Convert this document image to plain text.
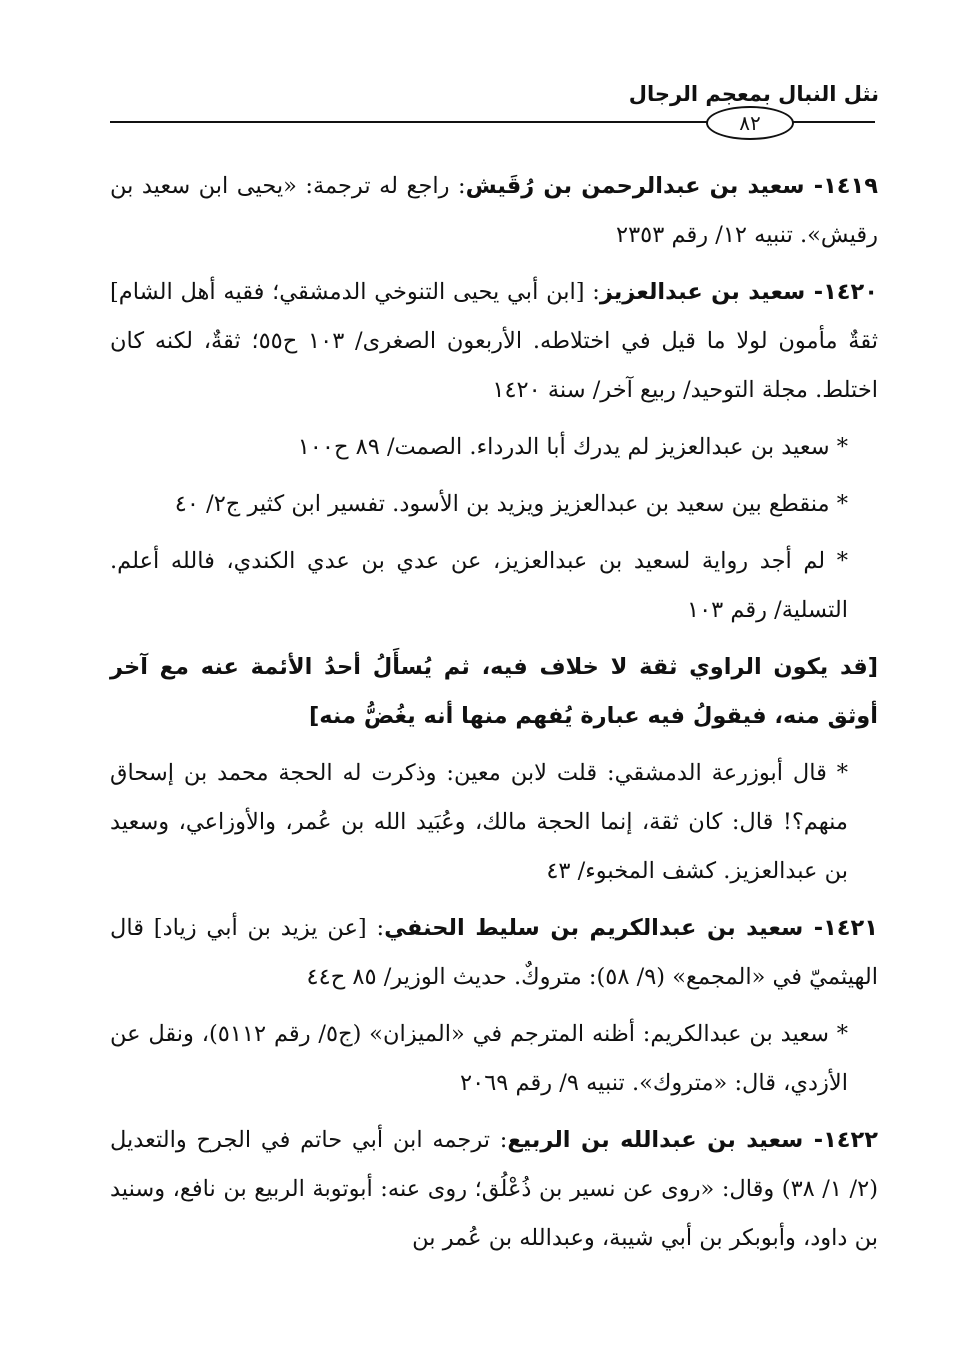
نثل النبال بمعجم الرجال
٨٢

١٤١٩- سعيد بن عبدالرحمن بن رُقَيش: راجع له ترجمة: «يحيى ابن سعيد بن رقيش». تنبيه ١٢/ رقم ٢٣٥٣

١٤٢٠- سعيد بن عبدالعزيز: [ابن أبي يحيى التنوخي الدمشقي؛ فقيه أهل الشام] ثقةٌ مأمون لولا ما قيل في اختلاطه. الأربعون الصغرى/ ١٠٣ ح٥٥؛ ثقةٌ، لكنه كان اختلط. مجلة التوحيد/ ربيع آخر/ سنة ١٤٢٠

* سعيد بن عبدالعزيز لم يدرك أبا الدرداء. الصمت/ ٨٩ ح١٠٠

* منقطع بين سعيد بن عبدالعزيز ويزيد بن الأسود. تفسير ابن كثير ج٢/ ٤٠

* لم أجد رواية لسعيد بن عبدالعزيز، عن عدي بن عدي الكندي، فالله أعلم. التسلية/ رقم ١٠٣

[قد يكون الراوي ثقة لا خلاف فيه، ثم يُسأَلُ أحدُ الأئمة عنه مع آخر أوثق منه، فيقولُ فيه عبارة يُفهم منها أنه يغُضُّ منه]

* قال أبوزرعة الدمشقي: قلت لابن معين: وذكرت له الحجة محمد بن إسحاق منهم؟! قال: كان ثقة، إنما الحجة مالك، وعُبَيد الله بن عُمر، والأوزاعي، وسعيد بن عبدالعزيز. كشف المخبوء/ ٤٣

١٤٢١- سعيد بن عبدالكريم بن سليط الحنفي: [عن يزيد بن أبي زياد] قال الهيثميّ في «المجمع» (٩/ ٥٨): متروكٌ. حديث الوزير/ ٨٥ ح٤٤

* سعيد بن عبدالكريم: أظنه المترجم في «الميزان» (ج٥/ رقم ٥١١٢)، ونقل عن الأزدي، قال: «متروك». تنبيه ٩/ رقم ٢٠٦٩

١٤٢٢- سعيد بن عبدالله بن الربيع: ترجمه ابن أبي حاتم في الجرح والتعديل (٢/ ١/ ٣٨) وقال: «روى عن نسير بن ذُعْلُق؛ روى عنه: أبوتوبة الربيع بن نافع، وسنيد بن داود، وأبوبكر بن أبي شيبة، وعبدالله بن عُمر بن
